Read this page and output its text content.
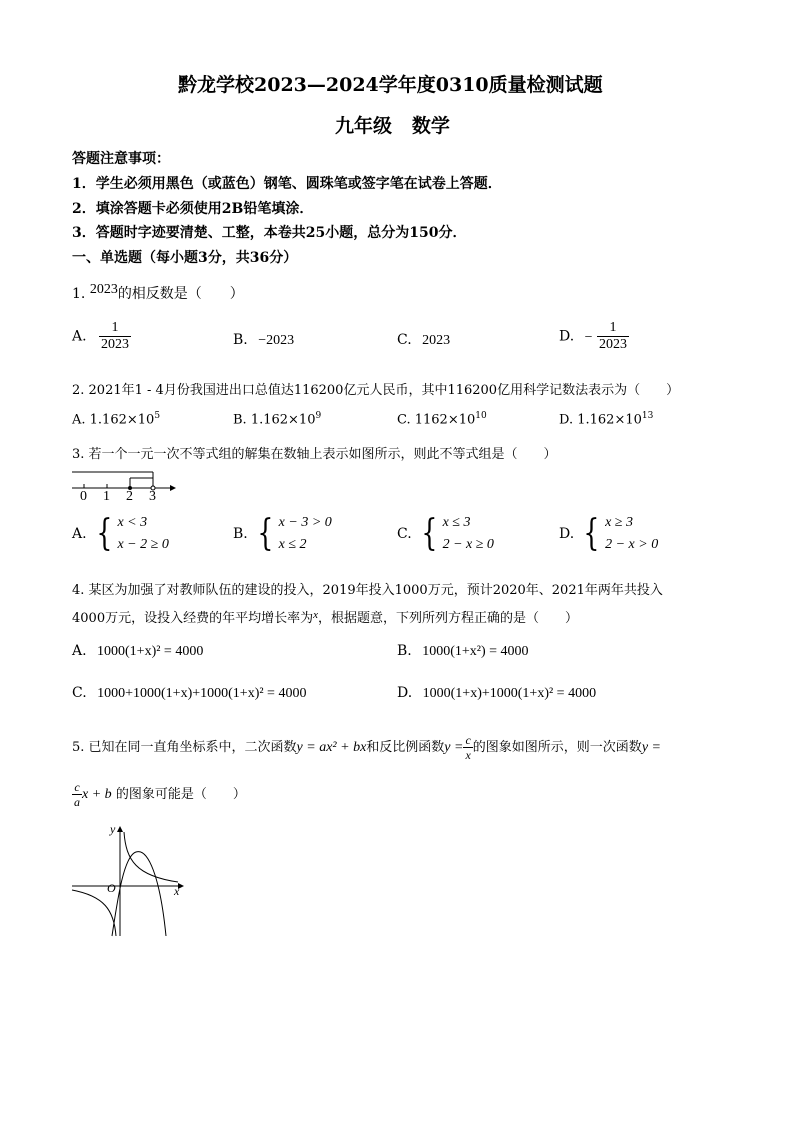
黔龙学校2023—2024学年度0310质量检测试题
九年级   数学
答题注意事项：
1．学生必须用黑色（或蓝色）钢笔、圆珠笔或签字笔在试卷上答题．
2．填涂答题卡必须使用2B铅笔填涂．
3．答题时字迹要清楚、工整，本卷共25小题，总分为150分．
一、单选题（每小题3分，共36分）
1. 2023的相反数是（　　）
A. $\frac{1}{2023}$	B. −2023	C. 2023	D. − $\frac{1}{2023}$
2. 2021年1 - 4月份我国进出口总值达116200亿元人民币，其中116200亿用科学记数法表示为（　　）
A. $1.162\times 10^5$	B. $1.162\times 10^9$	C. $1162\times 10^{10}$	D. $1.162\times 10^{13}$
3. 若一个一元一次不等式组的解集在数轴上表示如图所示，则此不等式组是（　　）
0 1 2 3
A. { x < 3
x − 2 ≥ 0
B. { x − 3 > 0
x ≤ 2
C. { x ≤ 3
2 − x ≥ 0
D. { x ≥ 3
2 − x > 0
4. 某区为加强了对教师队伍的建设的投入，2019年投入1000万元，预计2020年、2021年两年共投入
4000万元，设投入经费的年平均增长率为$^x$，根据题意，下列所列方程正确的是（　　）
A. 1000(1+x)² = 4000	B. 1000(1+x²) = 4000
C. 1000+1000(1+x)+1000(1+x)² = 4000	D. 1000(1+x)+1000(1+x)² = 4000
5. 已知在同一直角坐标系中，二次函数y = ax² + bx和反比例函数$y = \frac{c}{x}$ 的图象如图所示，则一次函数y =
$\frac{c}{a}$ x + b 的图象可能是（　　）
y
x
O
